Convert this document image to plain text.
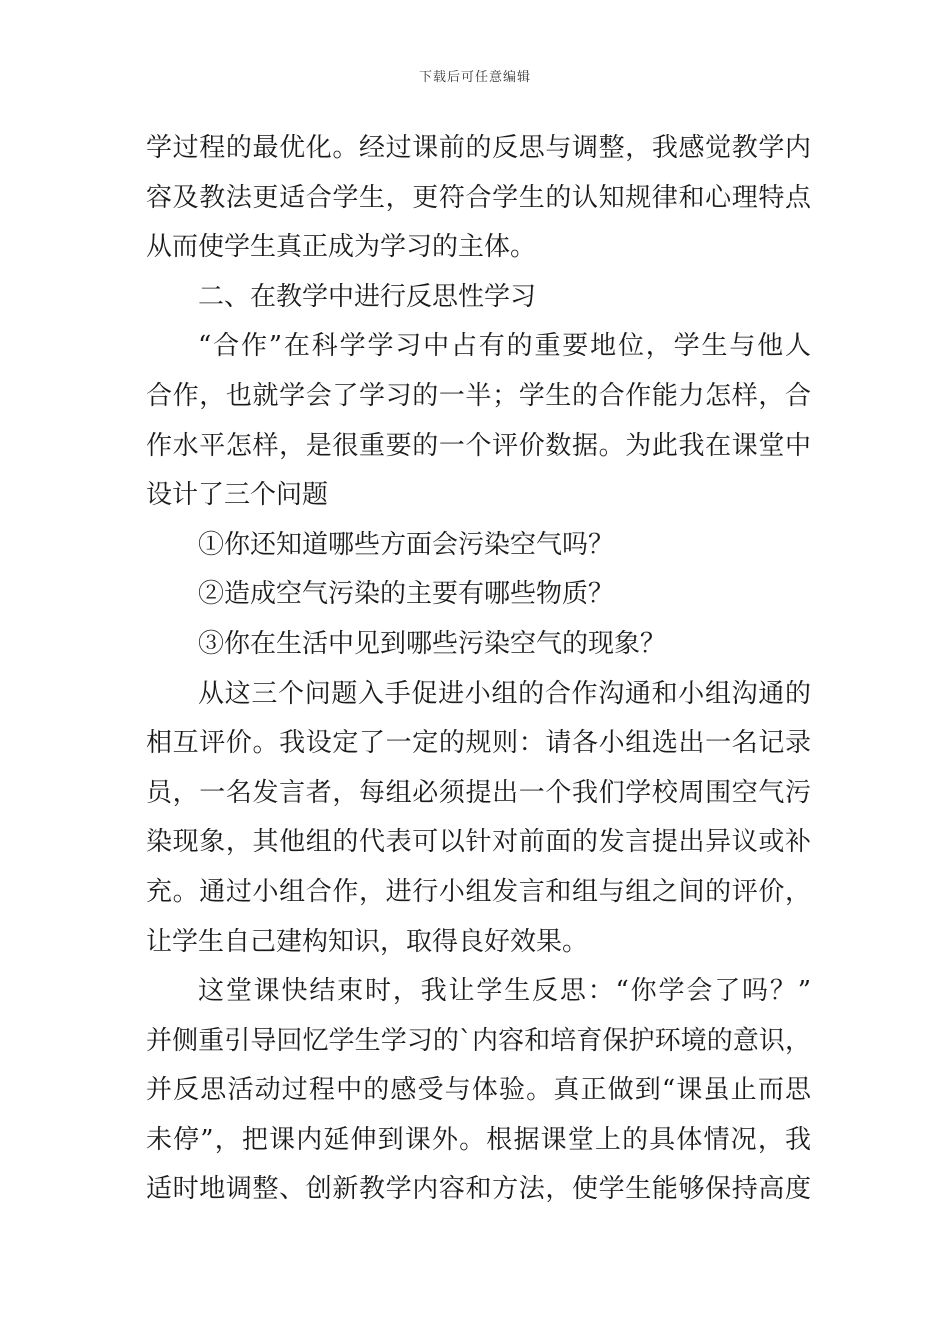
下载后可任意编辑
学过程的最优化。经过课前的反思与调整，我感觉教学内
容及教法更适合学生，更符合学生的认知规律和心理特点
从而使学生真正成为学习的主体。
二、在教学中进行反思性学习
“合作”在科学学习中占有的重要地位，学生与他人
合作，也就学会了学习的一半；学生的合作能力怎样，合
作水平怎样，是很重要的一个评价数据。为此我在课堂中
设计了三个问题
①你还知道哪些方面会污染空气吗？
②造成空气污染的主要有哪些物质？
③你在生活中见到哪些污染空气的现象？
从这三个问题入手促进小组的合作沟通和小组沟通的
相互评价。我设定了一定的规则：请各小组选出一名记录
员，一名发言者，每组必须提出一个我们学校周围空气污
染现象，其他组的代表可以针对前面的发言提出异议或补
充。通过小组合作，进行小组发言和组与组之间的评价，
让学生自己建构知识，取得良好效果。
这堂课快结束时，我让学生反思：“你学会了吗？”
并侧重引导回忆学生学习的`内容和培育保护环境的意识，
并反思活动过程中的感受与体验。真正做到“课虽止而思
未停”，把课内延伸到课外。根据课堂上的具体情况，我
适时地调整、创新教学内容和方法，使学生能够保持高度
